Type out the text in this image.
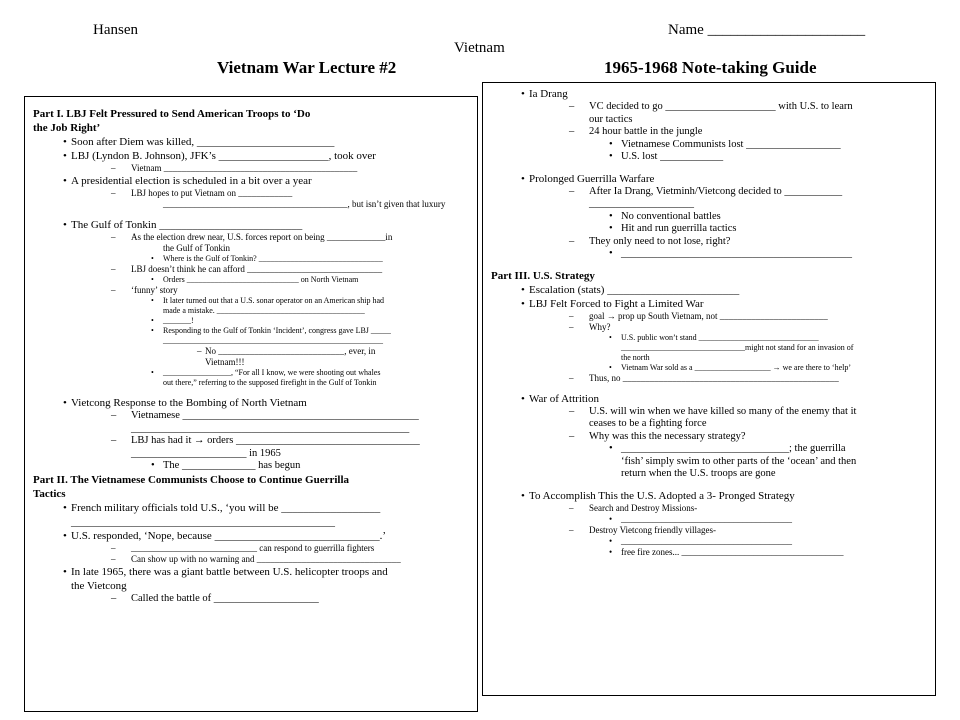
Hansen	Name _____________________
Vietnam
Vietnam War Lecture #2	1965-1968 Note-taking Guide
Part I. LBJ Felt Pressured to Send American Troops to ‘Do
the Job Right’
• Soon after Diem was killed, _________________________
• LBJ (Lyndon B. Johnson), JFK’s ____________________, took over
– Vietnam ___________________________________________
• A presidential election is scheduled in a bit over a year
– LBJ hopes to put Vietnam on ____________
_________________________________________, but isn’t given that luxury
• The Gulf of Tonkin __________________________
– As the election drew near, U.S. forces report on being _____________in
the Gulf of Tonkin
• Where is the Gulf of Tonkin? _______________________________
– LBJ doesn’t think he can afford ______________________________
• Orders ____________________________ on North Vietnam
– ‘funny’ story
• It later turned out that a U.S. sonar operator on an American ship had
made a mistake. _____________________________________
• _______!
• Responding to the Gulf of Tonkin ‘Incident’, congress gave LBJ _____
_______________________________________________________
– No ____________________________, ever, in
Vietnam!!!
• _________________, “For all I know, we were shooting out whales
out there,” referring to the supposed firefight in the Gulf of Tonkin
• Vietcong Response to the Bombing of North Vietnam
– Vietnamese _____________________________________________
_____________________________________________________
– LBJ has had it → orders ___________________________________
______________________ in 1965
• The ______________ has begun
Part II. The Vietnamese Communists Choose to Continue Guerrilla
Tactics
• French military officials told U.S., ‘you will be __________________
________________________________________________
• U.S. responded, ‘Nope, because ______________________________.’
– ____________________________ can respond to guerrilla fighters
– Can show up with no warning and ________________________________
• In late 1965, there was a giant battle between U.S. helicopter troops and
the Vietcong
– Called the battle of ____________________
• Ia Drang
– VC decided to go _____________________ with U.S. to learn
our tactics
– 24 hour battle in the jungle
• Vietnamese Communists lost __________________
• U.S. lost ____________
• Prolonged Guerrilla Warfare
– After Ia Drang, Vietminh/Vietcong decided to ___________
____________________
• No conventional battles
• Hit and run guerrilla tactics
– They only need to not lose, right?
• ____________________________________________
Part III. U.S. Strategy
• Escalation (stats) ________________________
• LBJ Felt Forced to Fight a Limited War
– goal → prop up South Vietnam, not ________________________
– Why?
• U.S. public won’t stand ______________________________
_______________________________might not stand for an invasion of
the north
• Vietnam War sold as a ___________________ → we are there to ‘help’
– Thus, no ________________________________________________
• War of Attrition
– U.S. will win when we have killed so many of the enemy that it
ceases to be a fighting force
– Why was this the necessary strategy?
• ________________________________; the guerrilla
‘fish’ simply swim to other parts of the ‘ocean’ and then
return when the U.S. troops are gone
• To Accomplish This the U.S. Adopted a 3- Pronged Strategy
– Search and Destroy Missions-
• ______________________________________
– Destroy Vietcong friendly villages-
• ______________________________________
• free fire zones... ____________________________________
